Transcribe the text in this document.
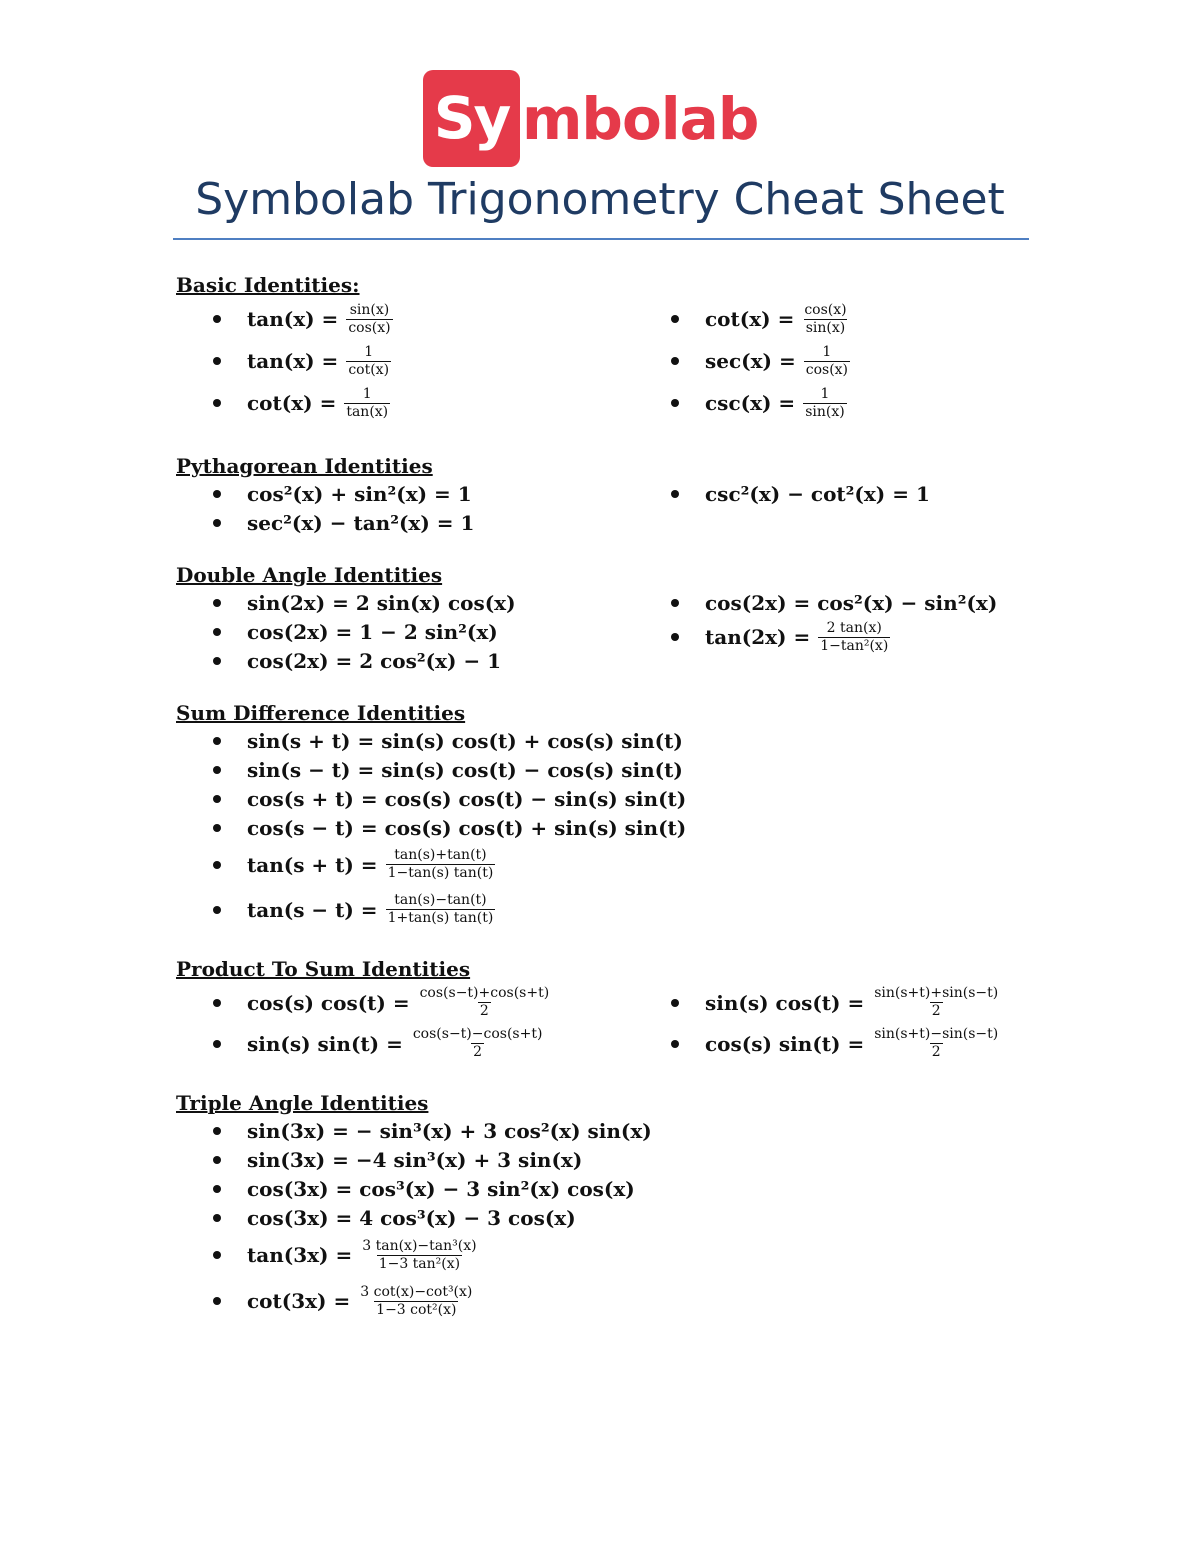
Sy mbolab
Symbolab Trigonometry Cheat Sheet
Basic Identities:
$\tan(x) = \frac{\sin(x)}{\cos(x)}$
$\tan(x) = \frac{1}{\cot(x)}$
$\cot(x) = \frac{1}{\tan(x)}$
$\cot(x) = \frac{\cos(x)}{\sin(x)}$
$\sec(x) = \frac{1}{\cos(x)}$
$\csc(x) = \frac{1}{\sin(x)}$
Pythagorean Identities
cos²(x) + sin²(x) = 1
sec²(x) − tan²(x) = 1
csc²(x) − cot²(x) = 1
Double Angle Identities
sin(2x) = 2 sin(x) cos(x)
cos(2x) = 1 − 2 sin²(x)
cos(2x) = 2 cos²(x) − 1
cos(2x) = cos²(x) − sin²(x)
$\tan(2x) = \frac{2 \tan(x)}{\text{1−tan²(x)}}$
Sum Difference Identities
sin(s + t) = sin(s) cos(t) + cos(s) sin(t)
sin(s − t) = sin(s) cos(t) − cos(s) sin(t)
cos(s + t) = cos(s) cos(t) − sin(s) sin(t)
cos(s − t) = cos(s) cos(t) + sin(s) sin(t)
$\tan(s + t) = \frac{\tan(s)+\tan(t)}{1-\tan(s) \tan(t)}$
$\tan(s - t) = \frac{\tan(s)-\tan(t)}{1+\tan(s) \tan(t)}$
Product To Sum Identities
cos(s) $\cos(t) = \frac{\cos(s-t)+\cos(s+t)}{2}$
sin(s) $\sin(t) = \frac{\cos(s-t)-\cos(s+t)}{2}$
sin(s) $\cos(t) = \frac{\sin(s+t)+\sin(s-t)}{2}$
cos(s) $\sin(t) = \frac{\sin(s+t)-\sin(s-t)}{2}$
Triple Angle Identities
sin(3x) = − sin³(x) + 3 cos²(x) sin(x)
sin(3x) = −4 sin³(x) + 3 sin(x)
cos(3x) = cos³(x) − 3 sin²(x) cos(x)
cos(3x) = 4 cos³(x) − 3 cos(x)
$\tan(3x) = \frac{\text{3 tan(x)−tan³(x)}}{\text{1−3 tan²(x)}}$
$\cot(3x) = \frac{\text{3 cot(x)−cot³(x)}}{\text{1−3 cot²(x)}}$
